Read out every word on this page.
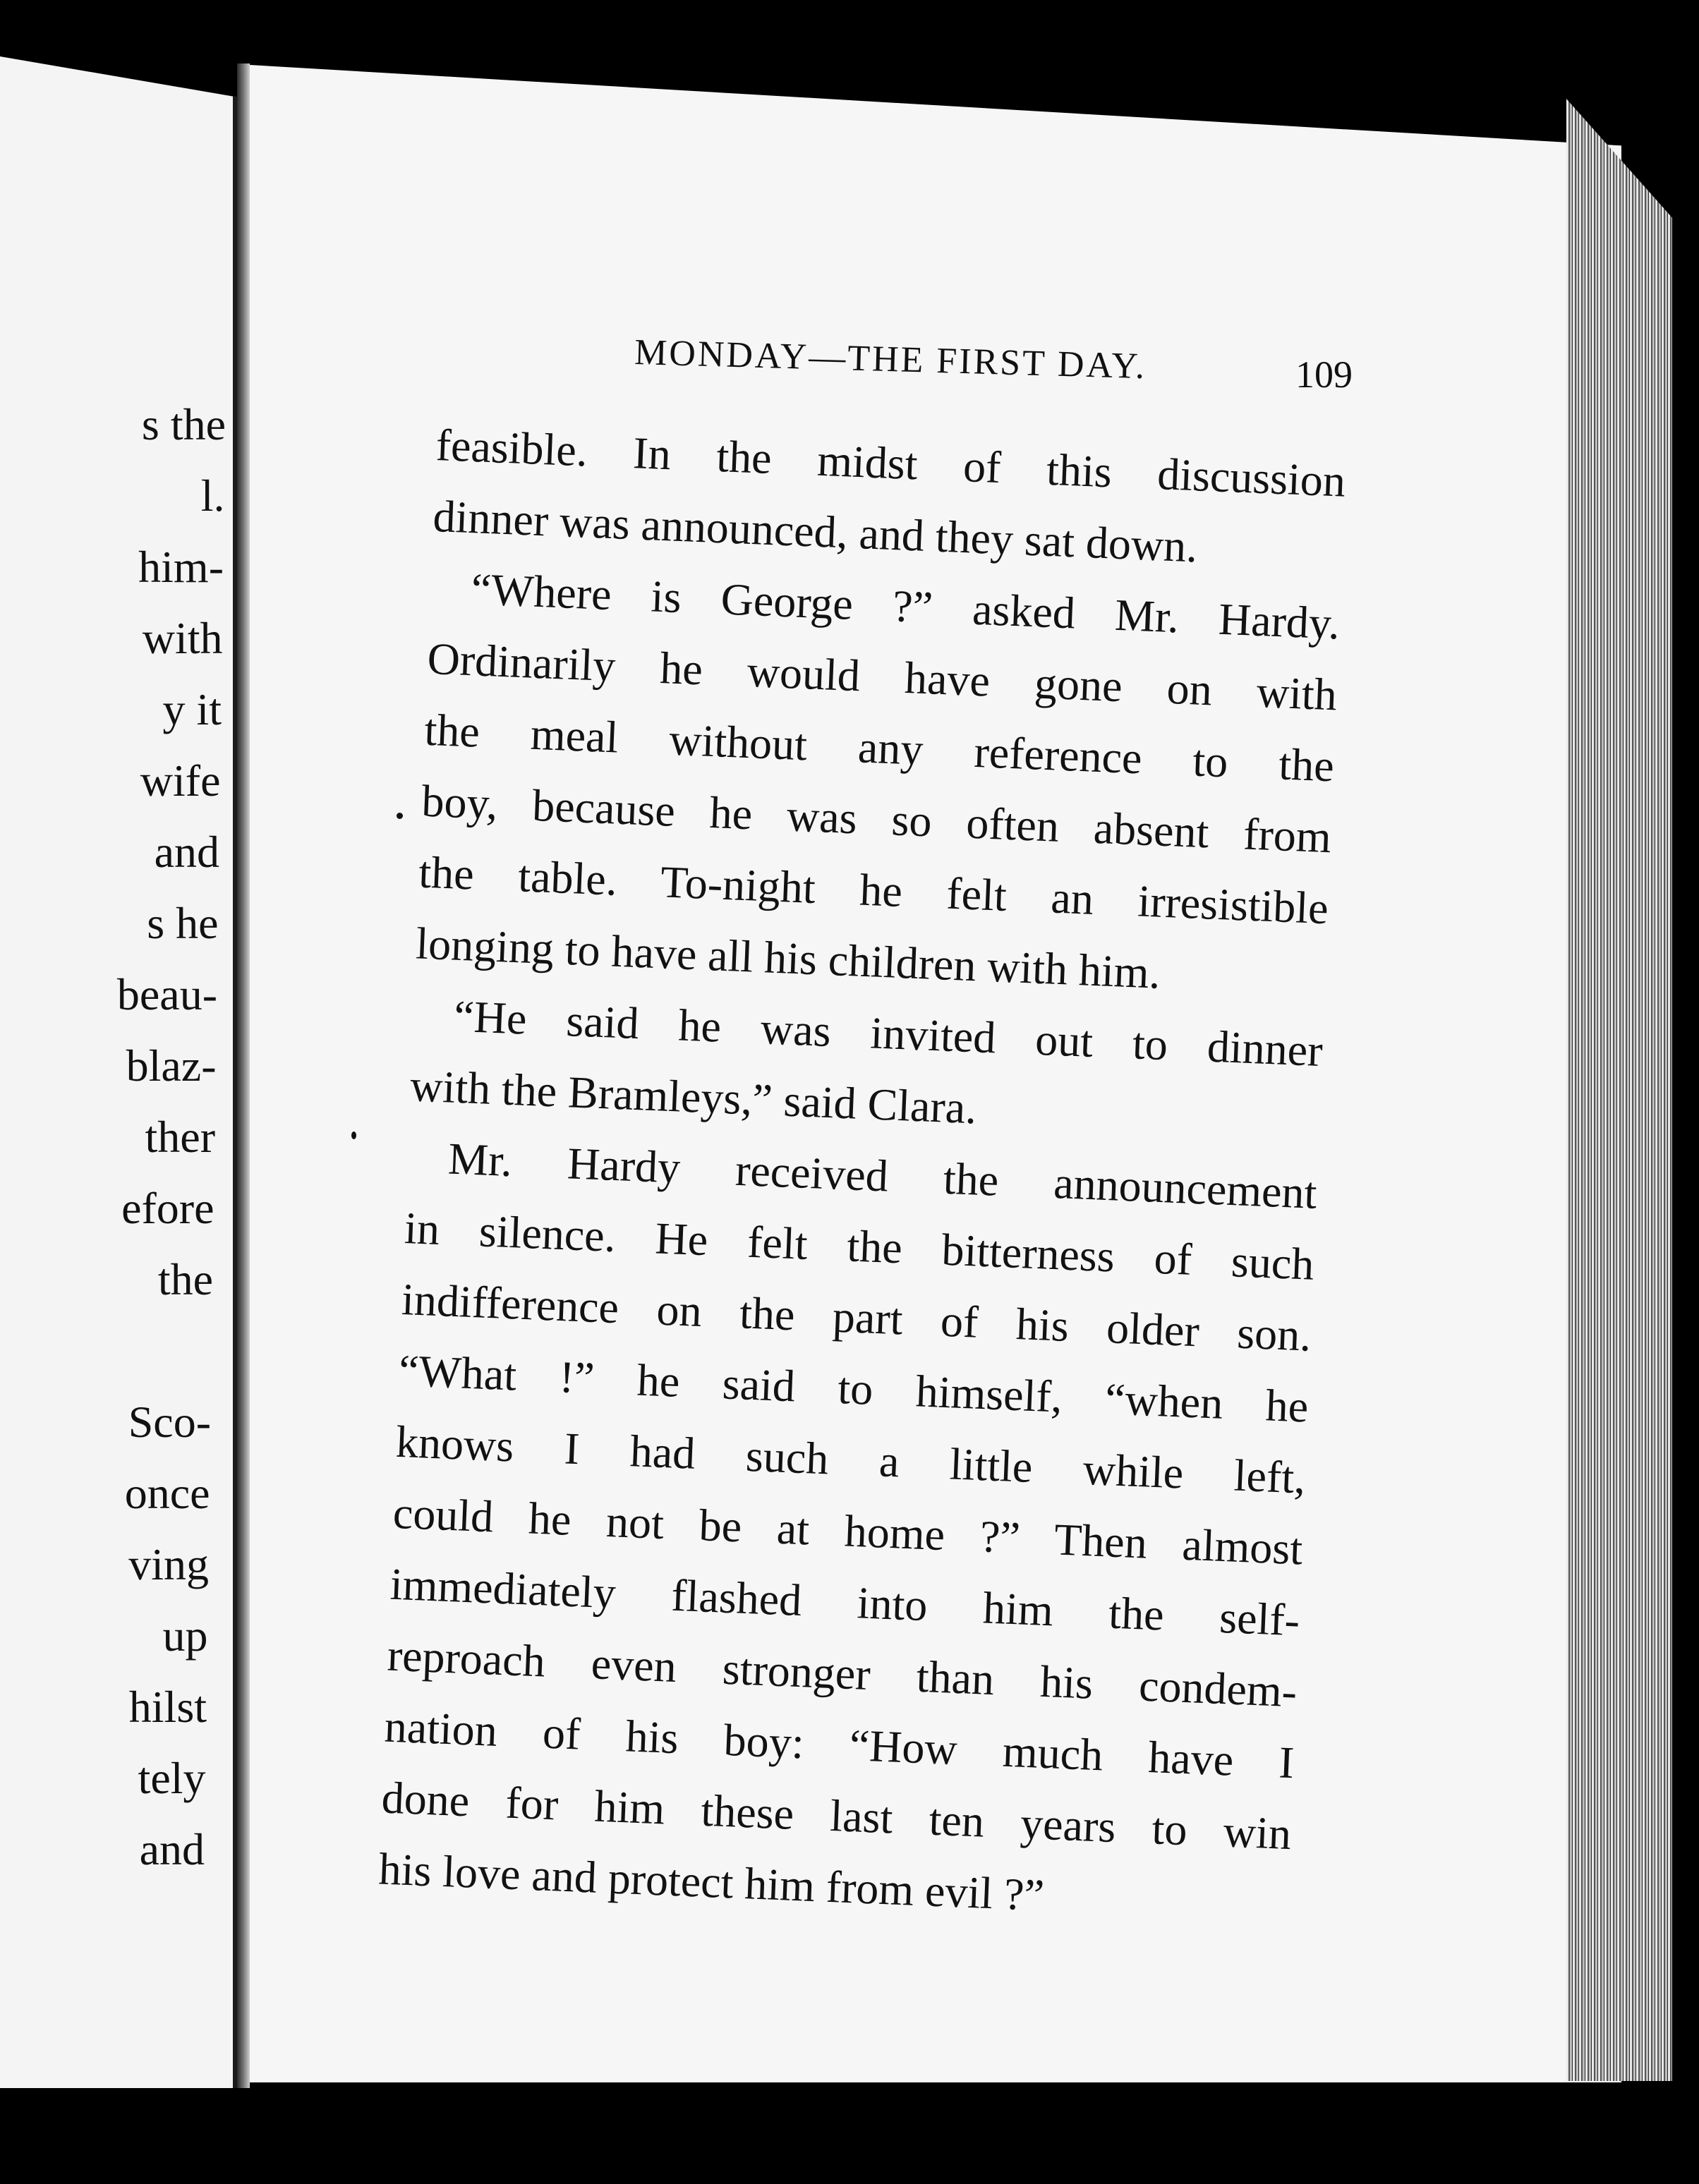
MONDAY—THE FIRST DAY.	109

feasible. In the midst of this discussion

dinner was announced, and they sat down.

“Where is George ?” asked Mr. Hardy.

Ordinarily he would have gone on with

the meal without any reference to the

boy, because he was so often absent from

the table. To-night he felt an irresistible

longing to have all his children with him.

“He said he was invited out to dinner

with the Bramleys,” said Clara.

Mr. Hardy received the announcement

in silence. He felt the bitterness of such

indifference on the part of his older son.

“What !” he said to himself, “when he

knows I had such a little while left,

could he not be at home ?” Then almost

immediately flashed into him the self-

reproach even stronger than his condem-

nation of his boy: “How much have I

done for him these last ten years to win

his love and protect him from evil ?”

s the

l.

him-

with

y it

wife

and

s he

beau-

blaz-

ther

efore

the

Sco-

once

ving

up

hilst

tely

and
